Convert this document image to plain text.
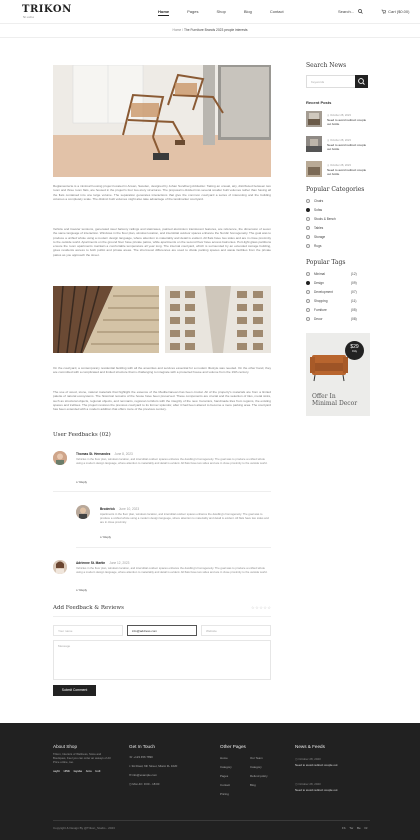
TRIKON
Studio
Home	Pages	Shop	Blog	Contact	Search...	Cart ($0.00)
Home / The Furniture Brands 2023 people interests
Reglamenterte is a minimal housing project located in Ansan, Sweden, designed by Johan Sundberg Arkitektur. Taking an unsual, airy, distributed between two room and three room flats, are housed in the project's four two-story structures. The proposal is divided into several smaller built volumes rather than having all the flats contained into one large volume. The separation generates interactions that give the common courtyard a series of interesting and the building volumes a completely scale. The distinct built volumes might also take advantage of the landmarker courtyard.
Vehicle and traveler tensions, generated steel balcony railings and staircases, painted aluminium translucent features, are reference, the dimension of seven the same language of interaction. Windows in the floor plan, window location, and interstitial outdoor spaces enhance the Nordic homogeneity. The goal was to produce a unified whole using a modern design language, where attention to materiality and detail is evident. All flats have two sides and are in close proximity to the outside world. Apartments on the ground floor have private patios, while apartments on the second floor have access balconies. Port-light glass partitions ensure the room apartments maintain a comfortable temperature all year long. The internal courtyard, which is surrounded by an extended storage building, gives residents access to both public and private areas. The short-level differences are used to divide parking spaces and waste facilities from the private patios as you approach the street.
On the courtyard, a contemporary residential building with all the amenities and services essential for a modern lifestyle was needed. On the other hand, they are committed with a complicated and limited structure that is challenging to integrate with a protected house and volume from the 19th century.
The use of wood, stone, natural materials that highlight the essence of the Mediterranean has been crucial. All of the property's materials are from a limited palette of natural ecosystems. The historical remains of the house have been preserved. These components are crucial and the selection of tiles, metal sinks, such as structural objects, regional objects, and remnants, regional corridors with the integrity of the new. Ceramics, handmade tiles from regions, the existing spaces and trellises. The project restores the previous courtyard to its former splendor, after it had been altered to become a mere parking area. The courtyard has been extended with a modern addition that offers more of the previous century.
User Feedbacks (02)
Thomas St. Hernandez June 8, 2023
Vehicles in the floor plan, windows location, and interstitial outdoor spaces enhance the dwelling's homogeneity. The goal was to produce a unified whole using a modern design language, where attention to materiality and detail is evident. All flats have two sides and are in close proximity to the outside world.
↩ Reply
Broderick June 10, 2023
Apartments in the floor plan, windows location, and interstitial outdoor spaces enhance the dwelling's homogeneity. The goal was to produce a unified whole using a modern design language, where attention to materiality and detail is evident. All flats have two sides and are in close proximity.
↩ Reply
Adrienne St. Martin June 12, 2023
Vehicles in the floor plan, windows location, and interstitial outdoor spaces enhance the dwelling's homogeneity. The goal was to produce a unified whole using a modern design language, where attention to materiality and detail is evident. All flats have two sides and are in close proximity to the outside world.
↩ Reply
Add Feedback & Reviews	☆☆☆☆☆
Your name	info@address.com	Website
Message
Submit Comment
Search News
Keywords
Recent Posts
◷ October 28, 2023
Need to avoid redirect couple out bottle
◷ October 28, 2023
Need to avoid redirect couple out bottle
◷ October 28, 2023
Need to avoid redirect couple out bottle
Popular Categories
Chairs
Sofas
Stools & Bench
Tables
Storage
Rugs
Popular Tags
Minimal	(12)
Design	(09)
Development	(07)
Shopping	(11)
Furniture	(05)
Decor	(08)
$29
Only
Offer In
Minimal Decor
About Shop
Trikon, Interiors of Wellness, Store and Boutiques, Feel you can order an assays of All Price online, too.
sayhi HIVE layaba Arca bolt
Get In Touch
☏ +123 456 7890
⌖ 3A Road, 6th Street, Miami FL 1020
✉ info@example.com
◷ Mon-Fri: 9:00 - 18:00
Other Pages
Home
Category
Pages
Contact
Pricing
Our Team
Category
Refund policy
Blog
News & Feeds
◷ October 28, 2023
Need to avoid redirect couple out
◷ October 28, 2023
Need to avoid redirect couple out
Copyright & Design By @Trikon_Studio - 2023	Fb Tw Be Dr
